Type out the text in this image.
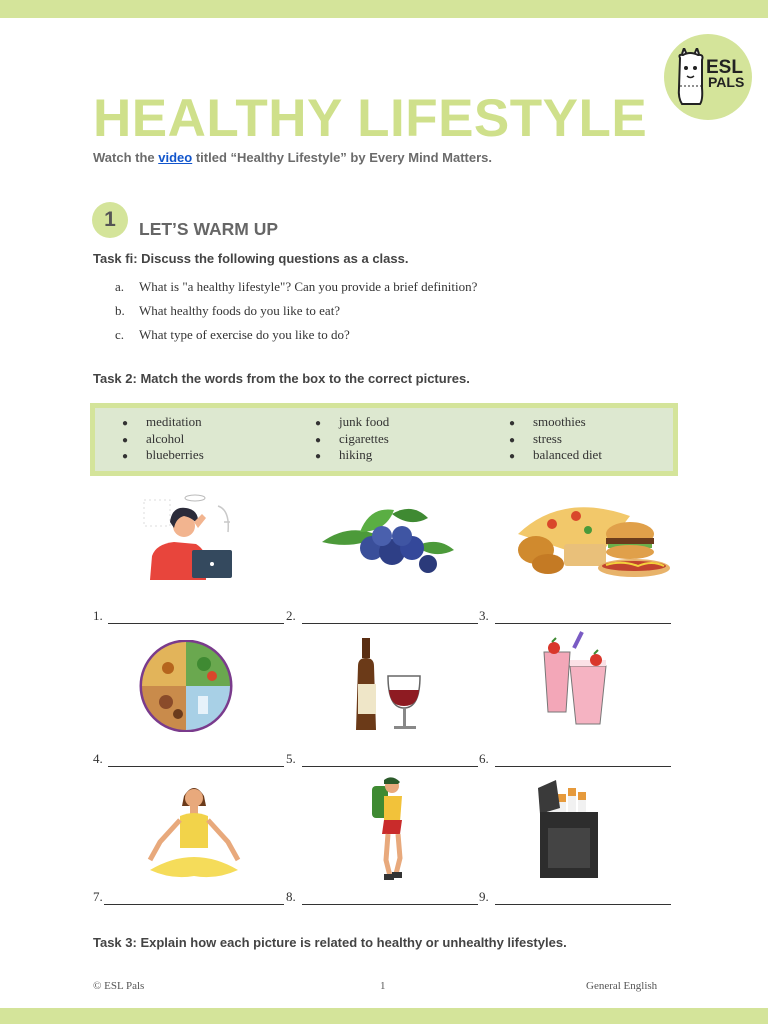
ESL
PALS
HEALTHY LIFESTYLE
Watch the video titled “Healthy Lifestyle” by Every Mind Matters.
1	LET’S WARM UP
Task fi: Discuss the following questions as a class.
a. What is "a healthy lifestyle"? Can you provide a brief definition?
b. What healthy foods do you like to eat?
c. What type of exercise do you like to do?
Task 2: Match the words from the box to the correct pictures.
● meditation
● alcohol
● blueberries
● junk food
● cigarettes
● hiking
● smoothies
● stress
● balanced diet
1.	2.	3.
4.	5.	6.
7.	8.	9.
Task 3: Explain how each picture is related to healthy or unhealthy lifestyles.
© ESL Pals	1	General English
